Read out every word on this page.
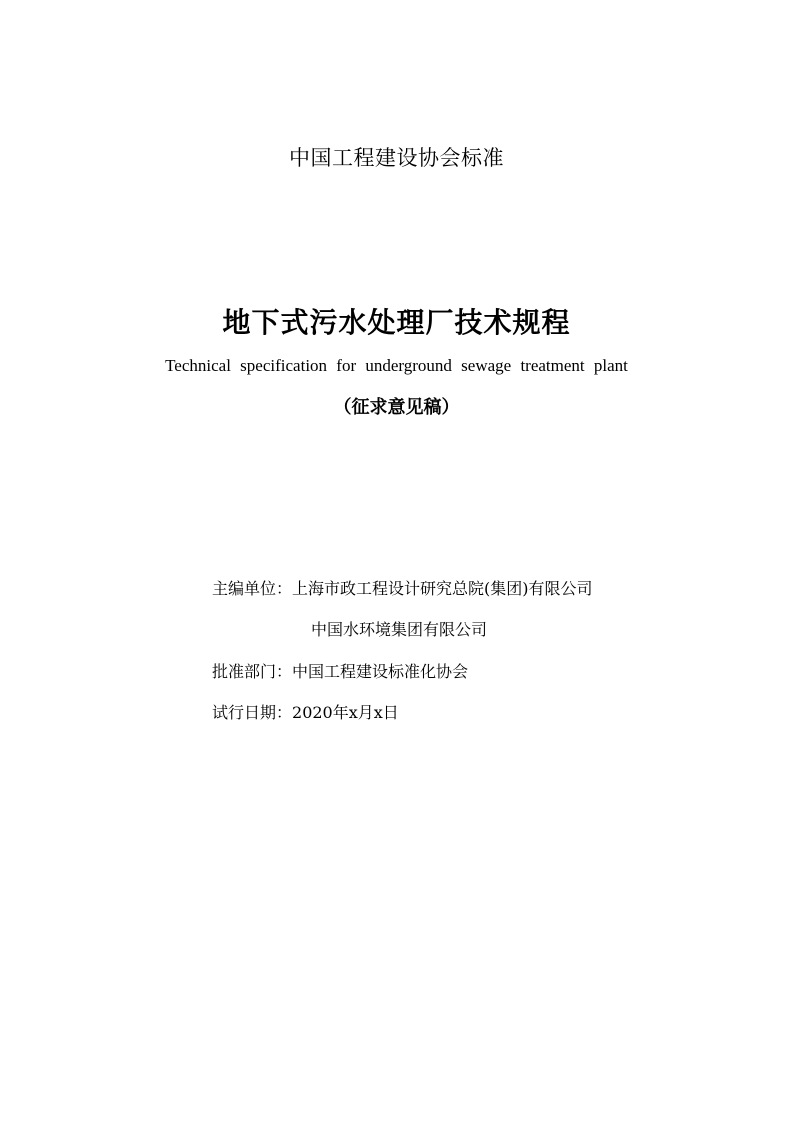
中国工程建设协会标准
地下式污水处理厂技术规程
Technical specification for underground sewage treatment plant
（征求意见稿）
主编单位：上海市政工程设计研究总院(集团)有限公司
中国水环境集团有限公司
批准部门：中国工程建设标准化协会
试行日期：2020年x月x日
